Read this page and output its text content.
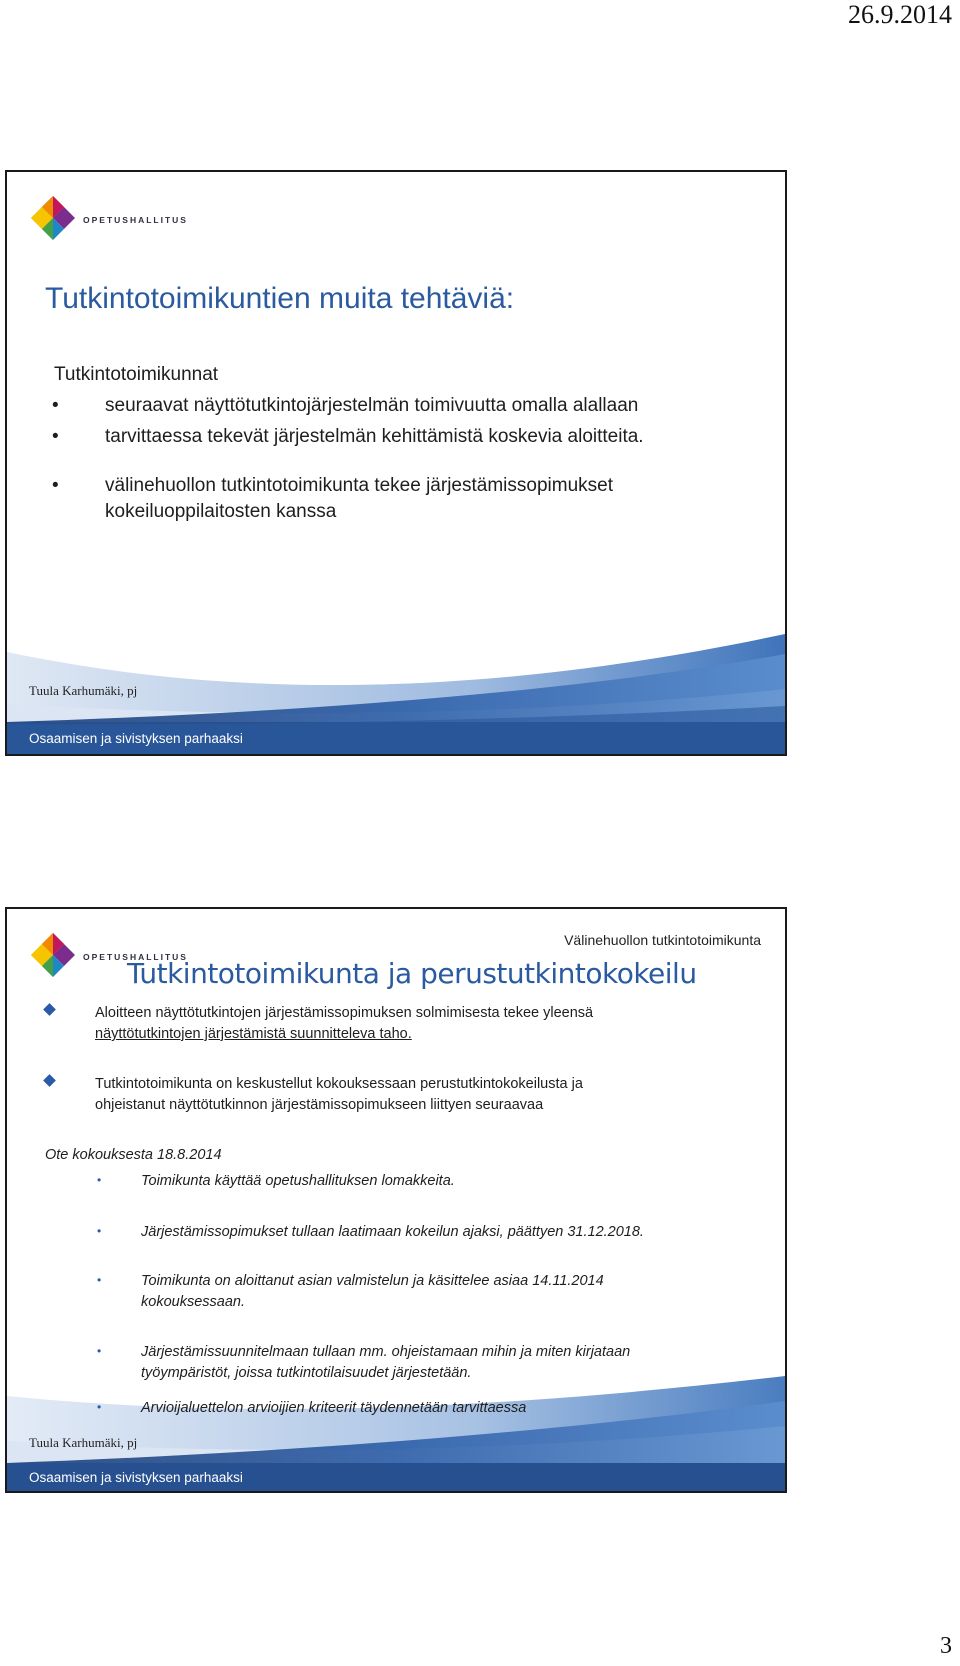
26.9.2014
OPETUSHALLITUS
Tutkintotoimikuntien muita tehtäviä:
Tutkintotoimikunnat
• seuraavat näyttötutkintojärjestelmän toimivuutta omalla alallaan
• tarvittaessa tekevät järjestelmän kehittämistä koskevia aloitteita.
• välinehuollon tutkintotoimikunta tekee järjestämissopimukset
kokeiluoppilaitosten kanssa
Tuula Karhumäki, pj
Osaamisen ja sivistyksen parhaaksi
OPETUSHALLITUS
Välinehuollon tutkintotoimikunta
Tutkintotoimikunta ja perustutkintokokeilu
Aloitteen näyttötutkintojen järjestämissopimuksen solmimisesta tekee yleensä
näyttötutkintojen järjestämistä suunnitteleva taho.
Tutkintotoimikunta on keskustellut kokouksessaan perustutkintokokeilusta ja
ohjeistanut näyttötutkinnon järjestämissopimukseen liittyen seuraavaa
Ote kokouksesta 18.8.2014
•	Toimikunta käyttää opetushallituksen lomakkeita.
•	Järjestämissopimukset tullaan laatimaan kokeilun ajaksi, päättyen 31.12.2018.
•	Toimikunta on aloittanut asian valmistelun ja käsittelee asiaa 14.11.2014
kokouksessaan.
•	Järjestämissuunnitelmaan tullaan mm. ohjeistamaan mihin ja miten kirjataan
työympäristöt, joissa tutkintotilaisuudet järjestetään.
•	Arvioijaluettelon arvioijien kriteerit täydennetään tarvittaessa
Tuula Karhumäki, pj
Osaamisen ja sivistyksen parhaaksi
3
